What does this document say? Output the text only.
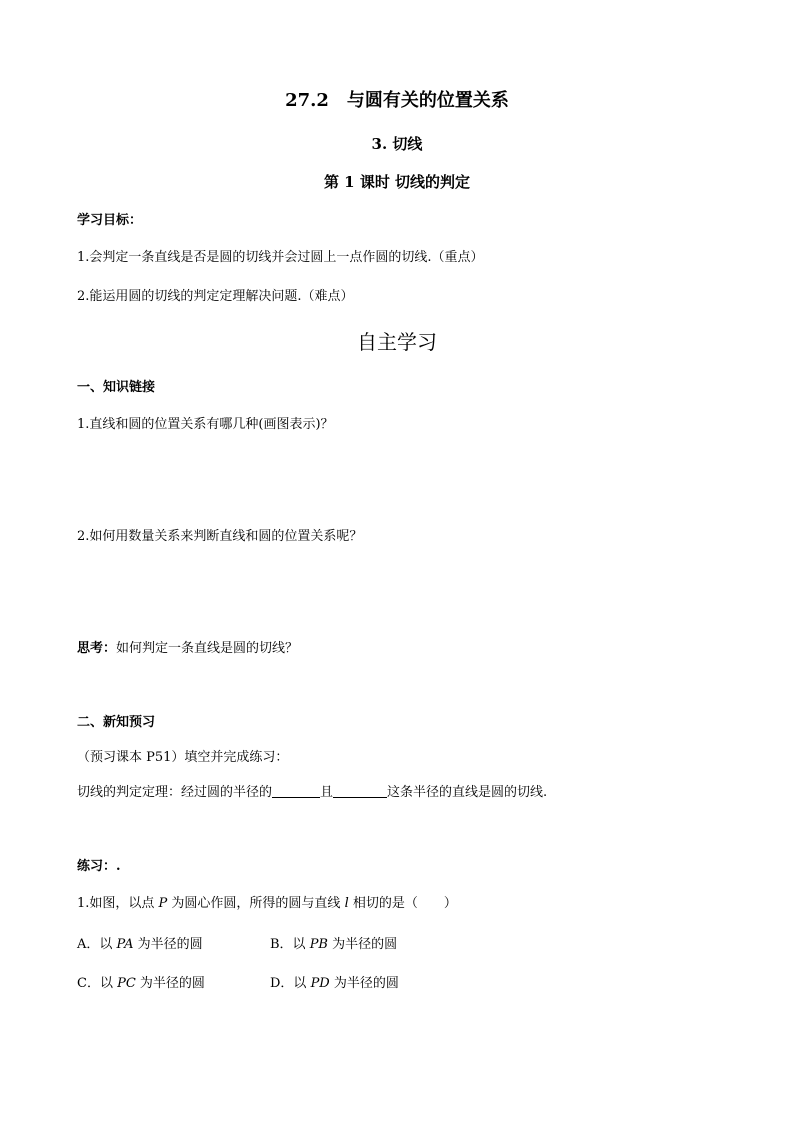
27.2　与圆有关的位置关系
3. 切线
第 1 课时 切线的判定
学习目标：
1.会判定一条直线是否是圆的切线并会过圆上一点作圆的切线.（重点）
2.能运用圆的切线的判定定理解决问题.（难点）
自主学习
一、知识链接
1.直线和圆的位置关系有哪几种(画图表示)？
2.如何用数量关系来判断直线和圆的位置关系呢？
思考：如何判定一条直线是圆的切线？
二、新知预习
（预习课本 P51）填空并完成练习：
切线的判定定理：经过圆的半径的	且	这条半径的直线是圆的切线.
练习：.
1.如图，以点 P 为圆心作圆，所得的圆与直线 l 相切的是（　　）
A．以 PA 为半径的圆	B．以 PB 为半径的圆
C．以 PC 为半径的圆	D．以 PD 为半径的圆
